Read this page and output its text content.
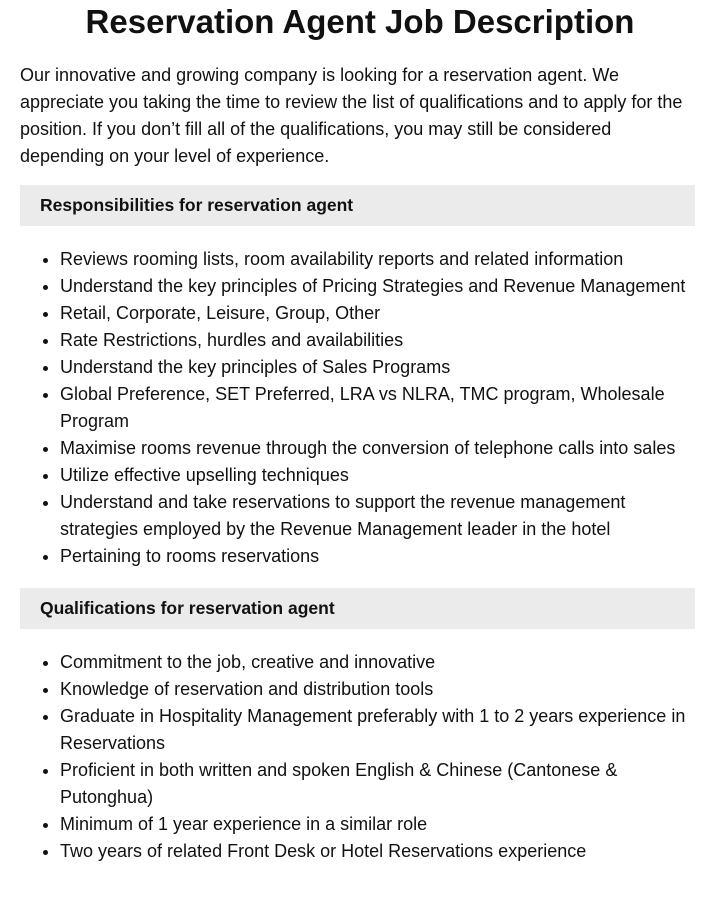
Reservation Agent Job Description

Our innovative and growing company is looking for a reservation agent. We appreciate you taking the time to review the list of qualifications and to apply for the position. If you don’t fill all of the qualifications, you may still be considered depending on your level of experience.

Responsibilities for reservation agent
• Reviews rooming lists, room availability reports and related information
• Understand the key principles of Pricing Strategies and Revenue Management
• Retail, Corporate, Leisure, Group, Other
• Rate Restrictions, hurdles and availabilities
• Understand the key principles of Sales Programs
• Global Preference, SET Preferred, LRA vs NLRA, TMC program, Wholesale Program
• Maximise rooms revenue through the conversion of telephone calls into sales
• Utilize effective upselling techniques
• Understand and take reservations to support the revenue management strategies employed by the Revenue Management leader in the hotel
• Pertaining to rooms reservations
Qualifications for reservation agent
• Commitment to the job, creative and innovative
• Knowledge of reservation and distribution tools
• Graduate in Hospitality Management preferably with 1 to 2 years experience in Reservations
• Proficient in both written and spoken English & Chinese (Cantonese & Putonghua)
• Minimum of 1 year experience in a similar role
• Two years of related Front Desk or Hotel Reservations experience
